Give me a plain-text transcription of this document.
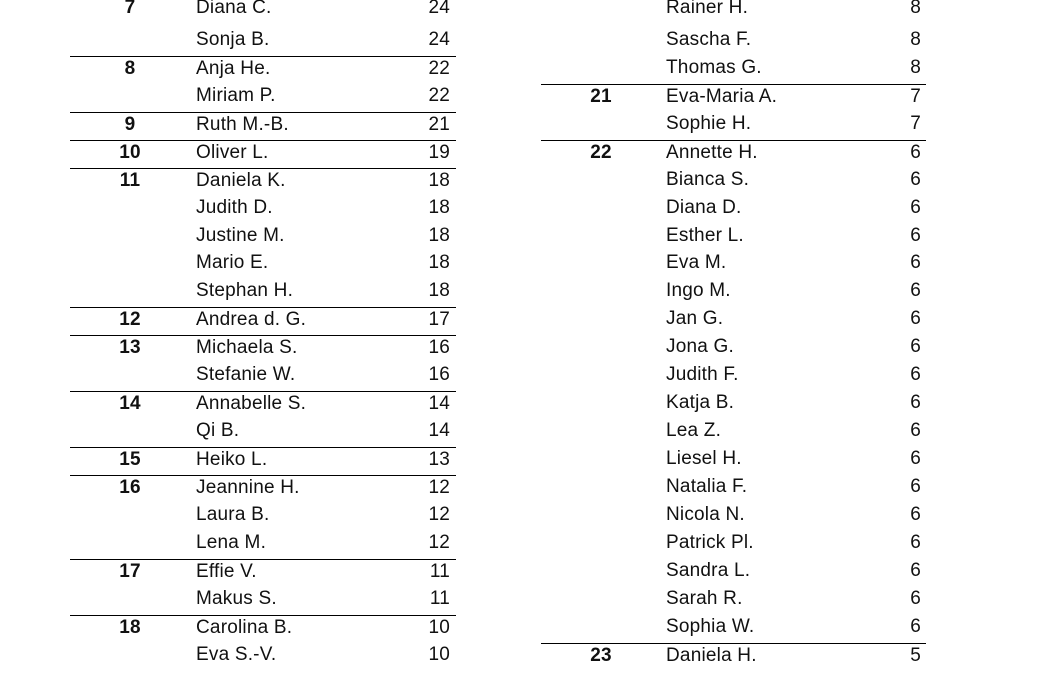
7	Diana C.	24
Sonja B.	24
8	Anja He.	22
Miriam P.	22
9	Ruth M.-B.	21
10	Oliver L.	19
11	Daniela K.	18
Judith D.	18
Justine M.	18
Mario E.	18
Stephan H.	18
12	Andrea d. G.	17
13	Michaela S.	16
Stefanie W.	16
14	Annabelle S.	14
Qi B.	14
15	Heiko L.	13
16	Jeannine H.	12
Laura B.	12
Lena M.	12
17	Effie V.	11
Makus S.	11
18	Carolina B.	10
Eva S.-V.	10
Rainer H.	8
Sascha F.	8
Thomas G.	8
21	Eva-Maria A.	7
Sophie H.	7
22	Annette H.	6
Bianca S.	6
Diana D.	6
Esther L.	6
Eva M.	6
Ingo M.	6
Jan G.	6
Jona G.	6
Judith F.	6
Katja B.	6
Lea Z.	6
Liesel H.	6
Natalia F.	6
Nicola N.	6
Patrick Pl.	6
Sandra L.	6
Sarah R.	6
Sophia W.	6
23	Daniela H.	5
